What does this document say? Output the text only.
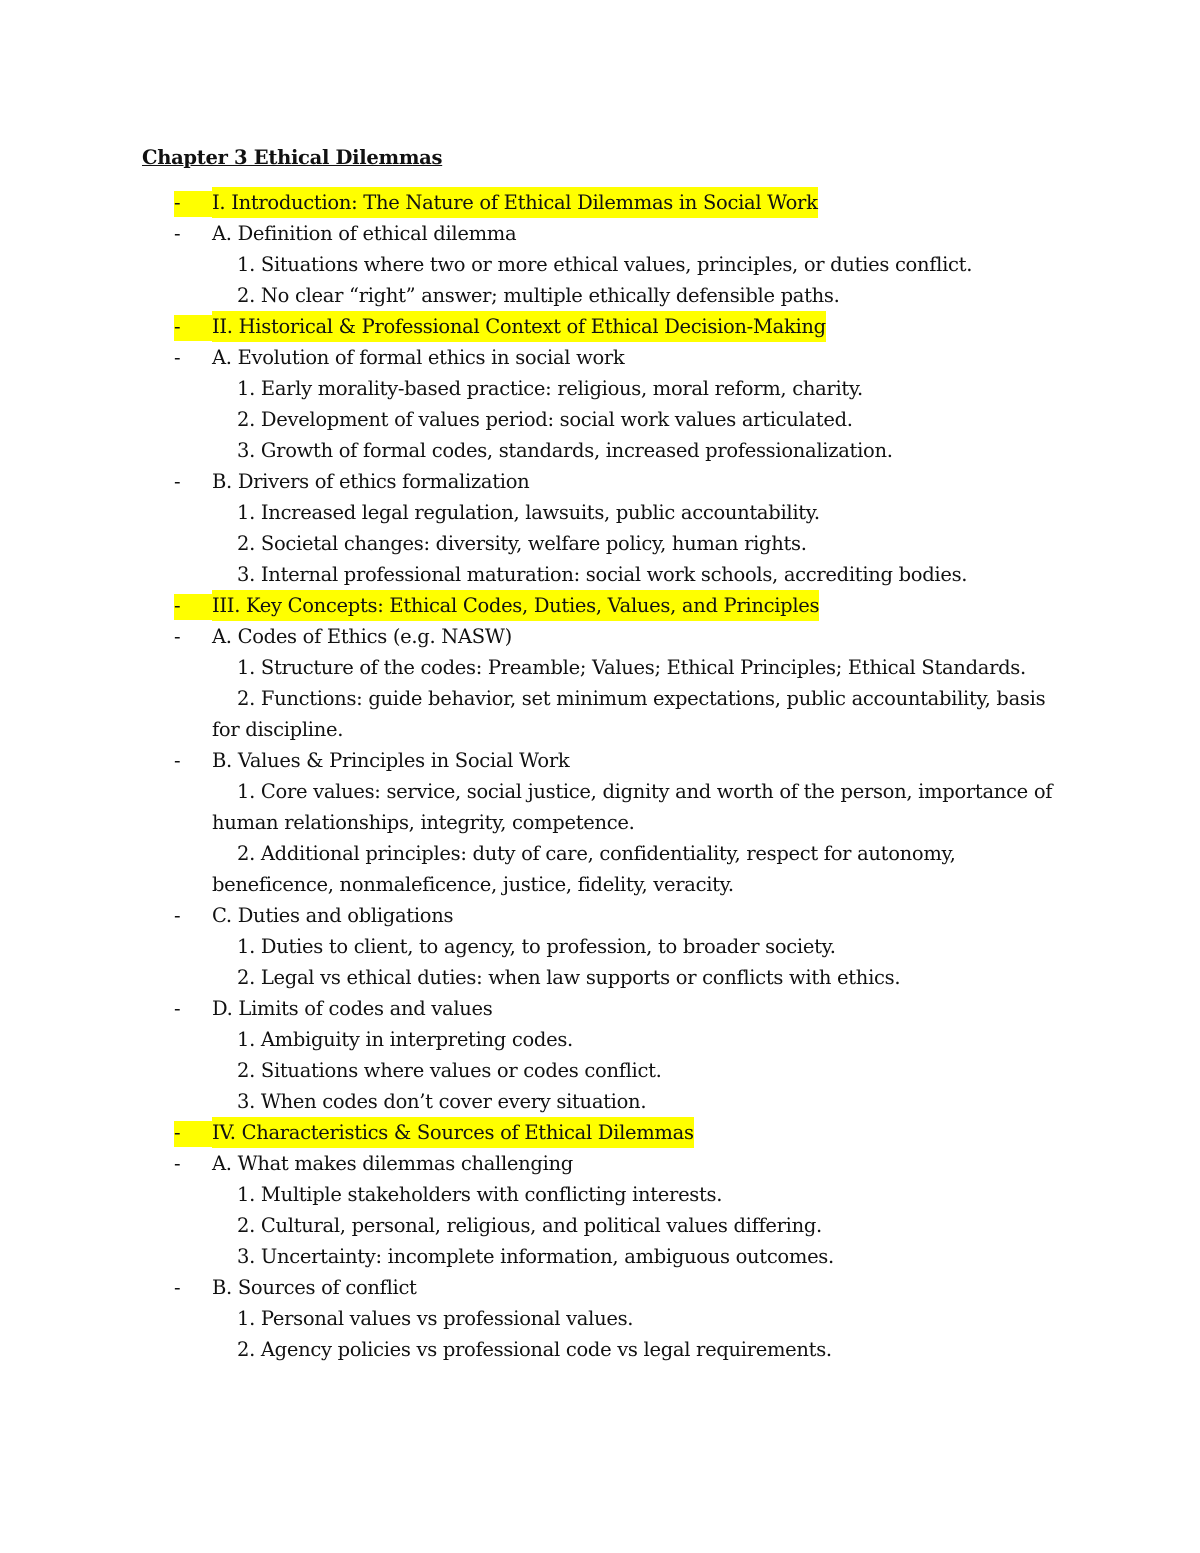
Chapter 3 Ethical Dilemmas
- I. Introduction: The Nature of Ethical Dilemmas in Social Work
- A. Definition of ethical dilemma
1. Situations where two or more ethical values, principles, or duties conflict.
2. No clear “right” answer; multiple ethically defensible paths.
- II. Historical & Professional Context of Ethical Decision-Making
- A. Evolution of formal ethics in social work
1. Early morality-based practice: religious, moral reform, charity.
2. Development of values period: social work values articulated.
3. Growth of formal codes, standards, increased professionalization.
- B. Drivers of ethics formalization
1. Increased legal regulation, lawsuits, public accountability.
2. Societal changes: diversity, welfare policy, human rights.
3. Internal professional maturation: social work schools, accrediting bodies.
- III. Key Concepts: Ethical Codes, Duties, Values, and Principles
- A. Codes of Ethics (e.g. NASW)
1. Structure of the codes: Preamble; Values; Ethical Principles; Ethical Standards.
2. Functions: guide behavior, set minimum expectations, public accountability, basis
for discipline.
- B. Values & Principles in Social Work
1. Core values: service, social justice, dignity and worth of the person, importance of
human relationships, integrity, competence.
2. Additional principles: duty of care, confidentiality, respect for autonomy,
beneficence, nonmaleficence, justice, fidelity, veracity.
- C. Duties and obligations
1. Duties to client, to agency, to profession, to broader society.
2. Legal vs ethical duties: when law supports or conflicts with ethics.
- D. Limits of codes and values
1. Ambiguity in interpreting codes.
2. Situations where values or codes conflict.
3. When codes don’t cover every situation.
- IV. Characteristics & Sources of Ethical Dilemmas
- A. What makes dilemmas challenging
1. Multiple stakeholders with conflicting interests.
2. Cultural, personal, religious, and political values differing.
3. Uncertainty: incomplete information, ambiguous outcomes.
- B. Sources of conflict
1. Personal values vs professional values.
2. Agency policies vs professional code vs legal requirements.
